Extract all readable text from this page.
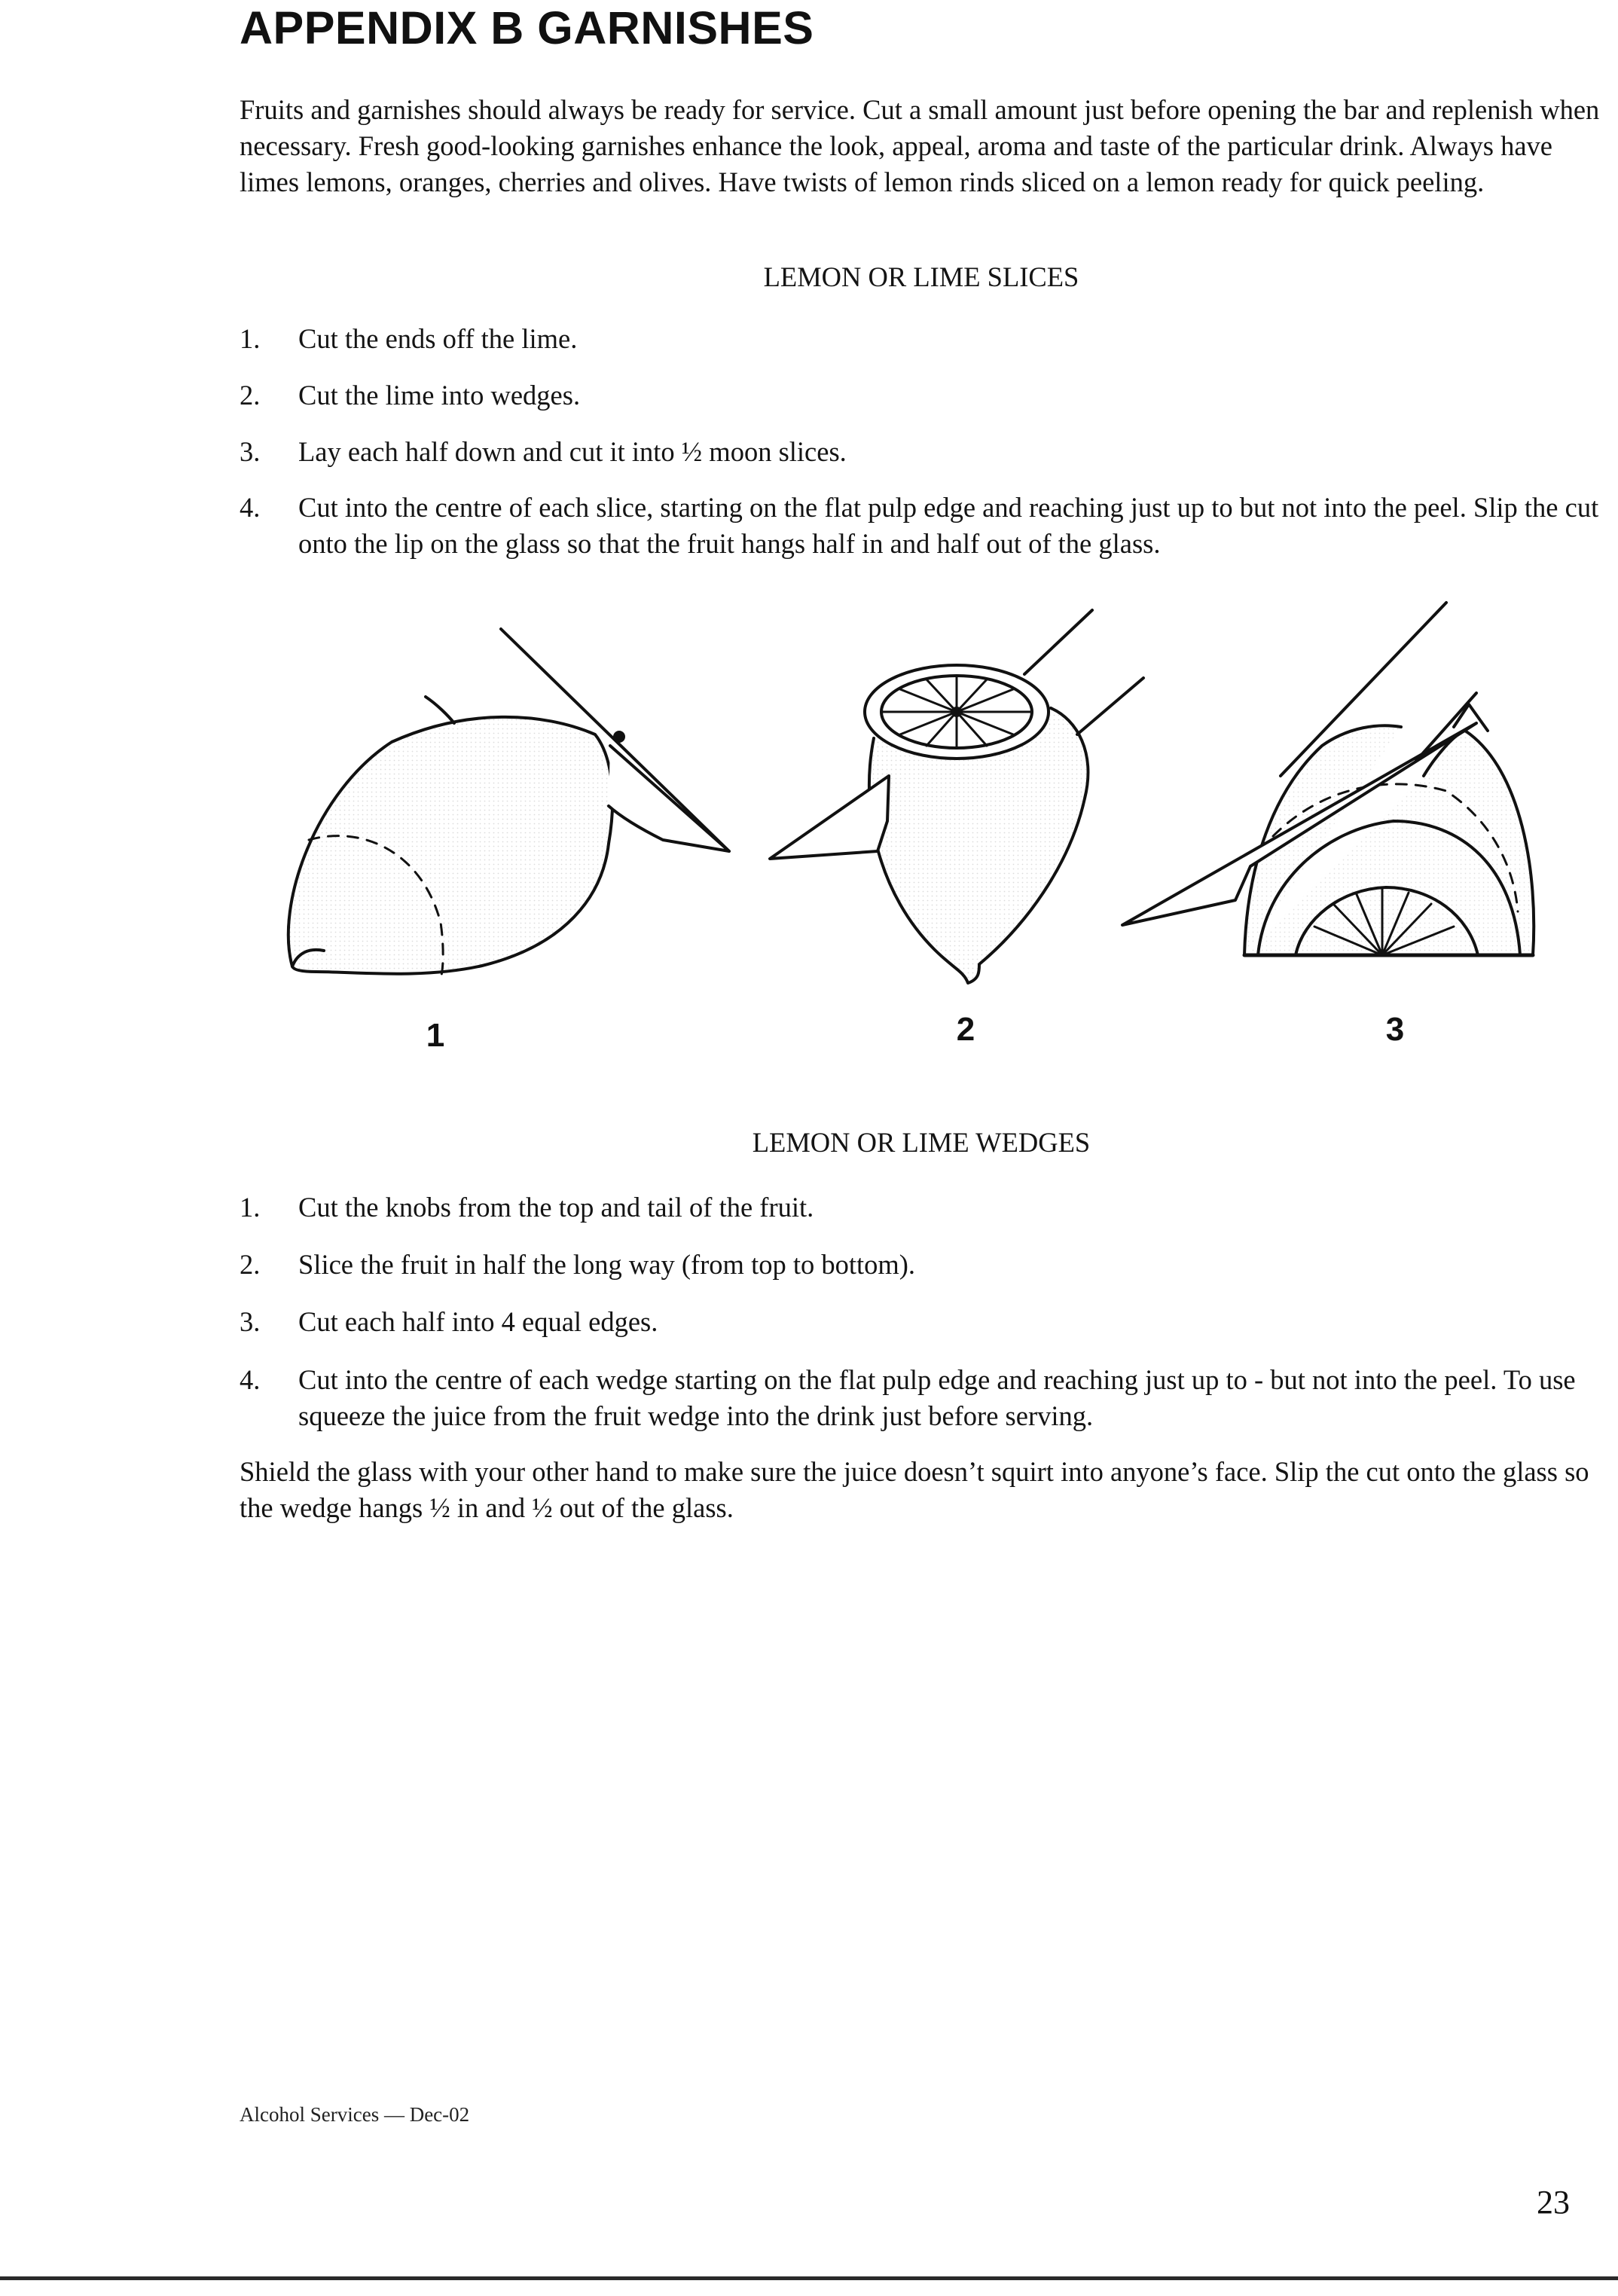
APPENDIX B GARNISHES
Fruits and garnishes should always be ready for service. Cut a small amount just before opening the bar and replenish when necessary. Fresh good-looking garnishes enhance the look, appeal, aroma and taste of the particular drink. Always have limes lemons, oranges, cherries and olives. Have twists of lemon rinds sliced on a lemon ready for quick peeling.
LEMON OR LIME SLICES
1.	Cut the ends off the lime.
2.	Cut the lime into wedges.
3.	Lay each half down and cut it into ½ moon slices.
4.	Cut into the centre of each slice, starting on the flat pulp edge and reaching just up to but not into the peel. Slip the cut onto the lip on the glass so that the fruit hangs half in and half out of the glass.
1	2	3
LEMON OR LIME WEDGES
1.	Cut the knobs from the top and tail of the fruit.
2.	Slice the fruit in half the long way (from top to bottom).
3.	Cut each half into 4 equal edges.
4.	Cut into the centre of each wedge starting on the flat pulp edge and reaching just up to - but not into the peel. To use squeeze the juice from the fruit wedge into the drink just before serving.
Shield the glass with your other hand to make sure the juice doesn’t squirt into anyone’s face. Slip the cut onto the glass so the wedge hangs ½ in and ½ out of the glass.
Alcohol Services — Dec-02
23
